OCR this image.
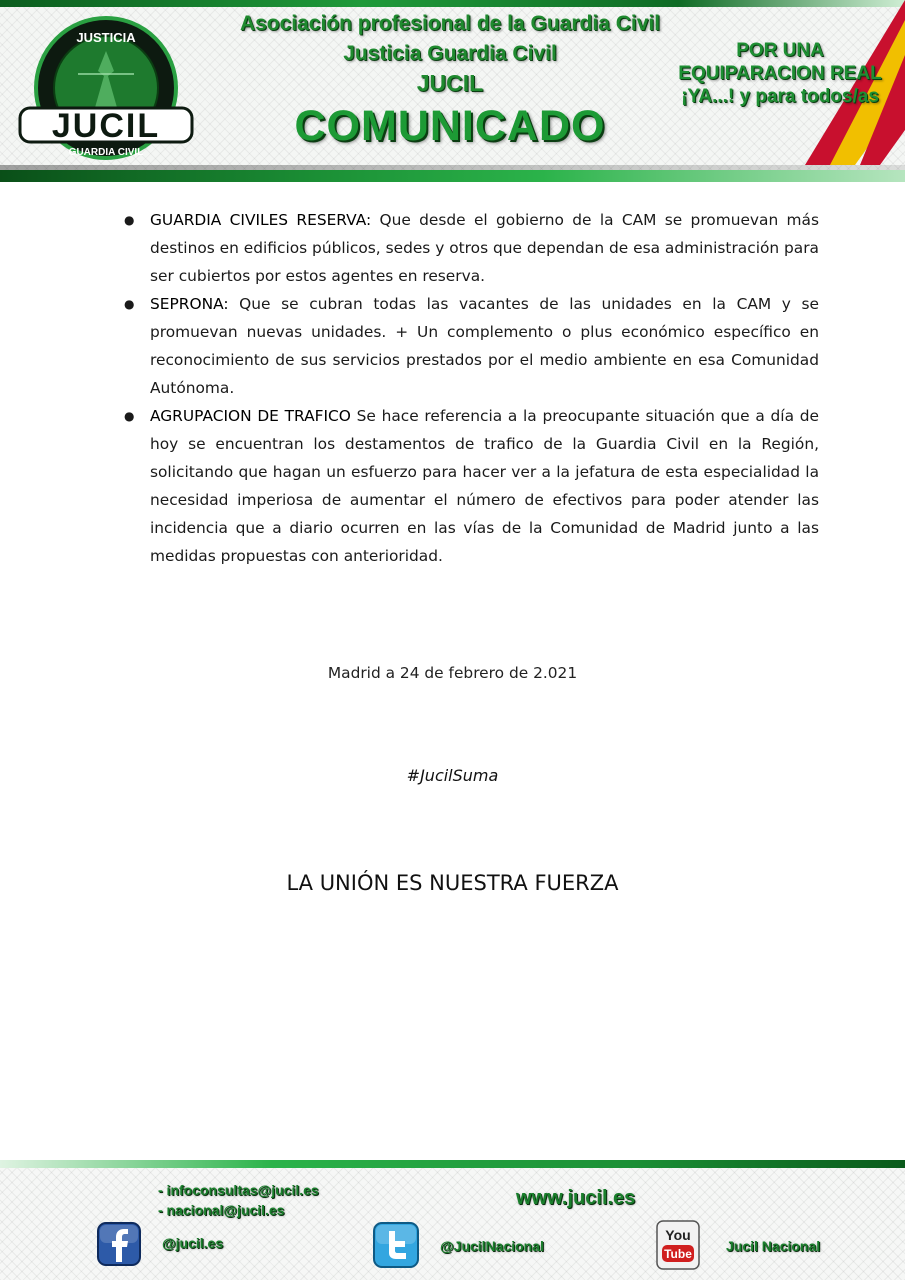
JUSTICIA
JUCIL
GUARDIA CIVIL
Asociación profesional de la Guardia Civil
Justicia Guardia Civil
JUCIL
COMUNICADO
POR UNA
EQUIPARACION REAL
¡YA...! y para todos/as
● GUARDIA CIVILES RESERVA: Que desde el gobierno de la CAM se promuevan más destinos en edificios públicos, sedes y otros que dependan de esa administración para ser cubiertos por estos agentes en reserva.
● SEPRONA: Que se cubran todas las vacantes de las unidades en la CAM y se promuevan nuevas unidades. + Un complemento o plus económico específico en reconocimiento de sus servicios prestados por el medio ambiente en esa Comunidad Autónoma.
● AGRUPACION DE TRAFICO Se hace referencia a la preocupante situación que a día de hoy se encuentran los destamentos de trafico de la Guardia Civil en la Región, solicitando que hagan un esfuerzo para hacer ver a la jefatura de esta especialidad la necesidad imperiosa de aumentar el número de efectivos para poder atender las incidencia que a diario ocurren en las vías de la Comunidad de Madrid junto a las medidas propuestas con anterioridad.
Madrid a 24 de febrero de 2.021
#JucilSuma
LA UNIÓN ES NUESTRA FUERZA
- infoconsultas@jucil.es
- nacional@jucil.es
www.jucil.es
@jucil.es	@JucilNacional
You
Tube Jucil Nacional
